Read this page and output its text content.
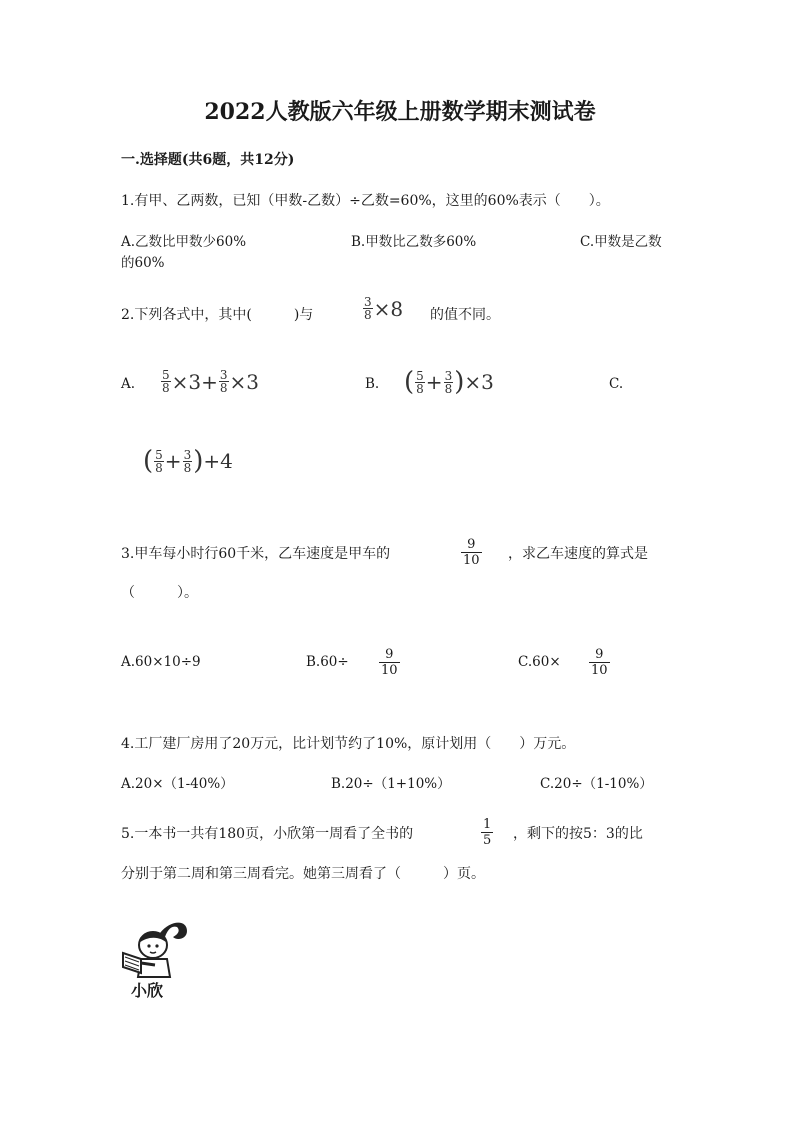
2022人教版六年级上册数学期末测试卷
一.选择题(共6题，共12分)
1.有甲、乙两数，已知（甲数-乙数）÷乙数=60%，这里的60%表示（　　）。
A.乙数比甲数少60%	B.甲数比乙数多60%	C.甲数是乙数
的60%
2.下列各式中，其中(　　　)与	$\frac{3}{8} \times 8$ 的值不同。
A. $\frac{5}{8} \times 3+ \frac{3}{8} \times 3$	B. ( $\frac{5}{8} + \frac{3}{8}$ ) ×3	C.
( $\frac{5}{8} + \frac{3}{8}$ ) +4
3.甲车每小时行60千米，乙车速度是甲车的	$\frac{9}{10}$ ，求乙车速度的算式是
（　　　）。
A.60×10÷9	$B.60\div \frac{9}{10}$	$C.60\times \frac{9}{10}$
4.工厂建厂房用了20万元，比计划节约了10%，原计划用（　　）万元。
A.20×（1-40%）	B.20÷（1+10%）	C.20÷（1-10%）
5.一本书一共有180页，小欣第一周看了全书的	$\frac{1}{5}$ ，剩下的按5：3的比
分别于第二周和第三周看完。她第三周看了（　　　）页。
小欣
